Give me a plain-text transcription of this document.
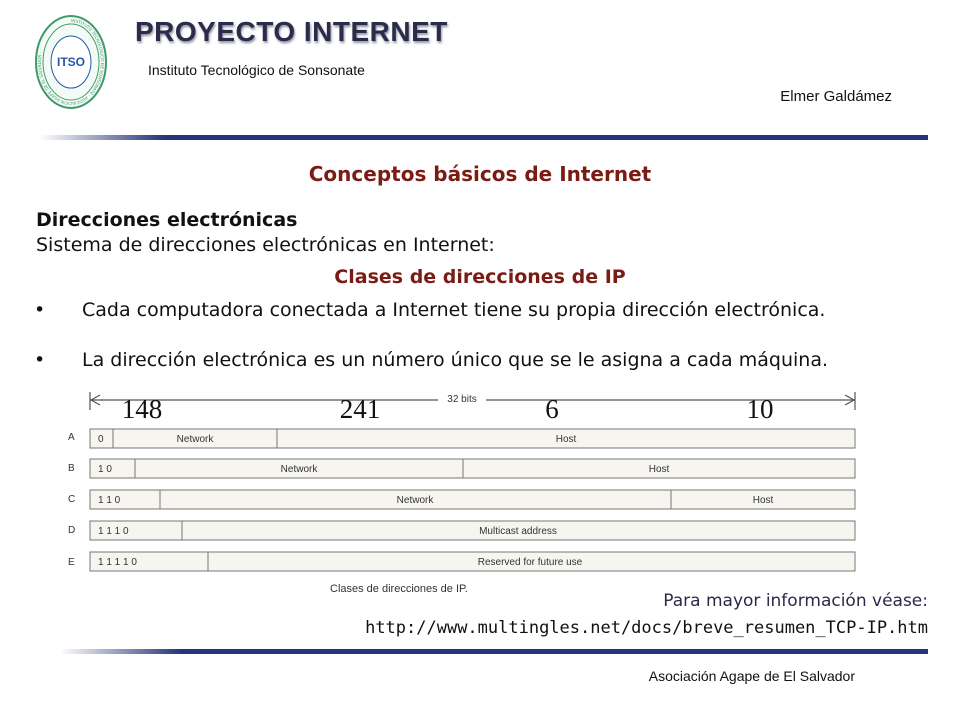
INSTITUTO TECNOLOGICO DE SONSONATE · ASOCIACION AGAPE DE EL SALVADOR ·
ITSO
PROYECTO INTERNET
Instituto Tecnológico de Sonsonate
Elmer Galdámez
Conceptos básicos de Internet
Direcciones electrónicas
Sistema de direcciones electrónicas en Internet:
Clases de direcciones de IP
• Cada computadora conectada a Internet tiene su propia dirección electrónica.
• La dirección electrónica es un número único que se le asigna a cada máquina.
32 bits
148	241	6	10
A 0	Network	Host
B 1 0	Network	Host
C 1 1 0	Network	Host
D 1 1 1 0	Multicast address
E 1 1 1 1 0	Reserved for future use
Clases de direcciones de IP.
Para mayor información véase:
http://www.multingles.net/docs/breve_resumen_TCP-IP.htm
Asociación Agape de El Salvador
